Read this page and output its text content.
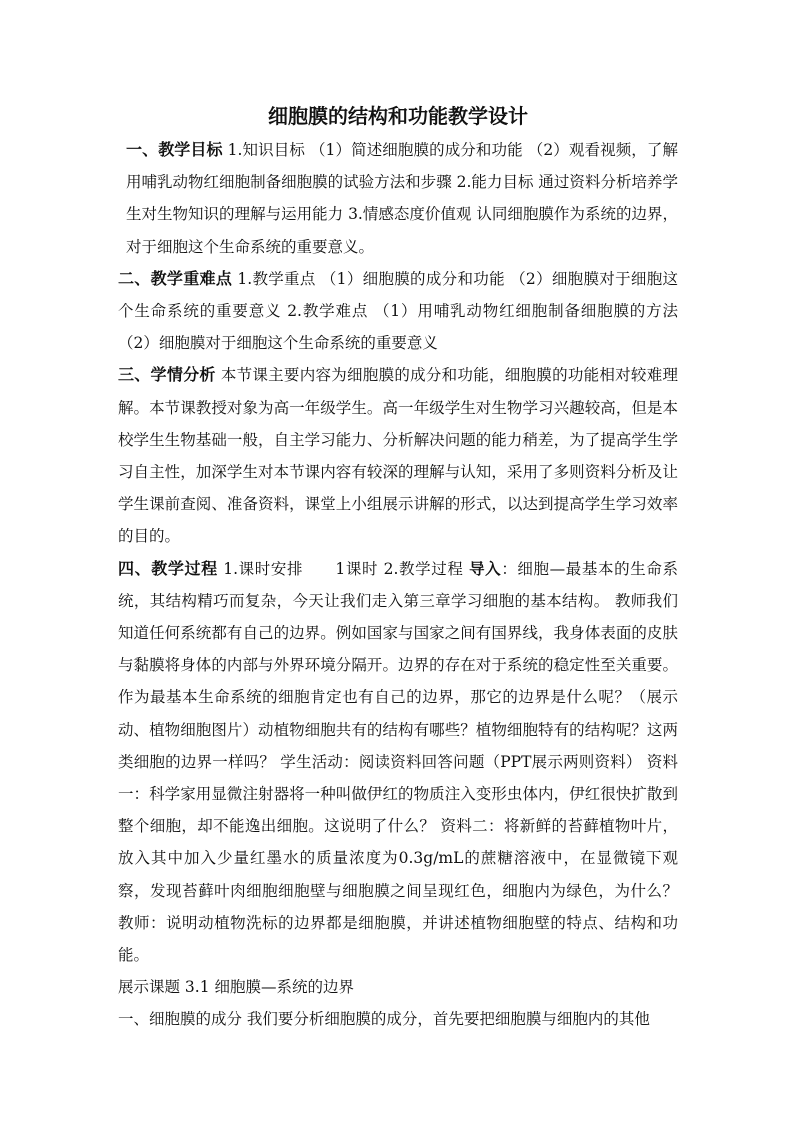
细胞膜的结构和功能教学设计

一、教学目标 1.知识目标 （1）简述细胞膜的成分和功能 （2）观看视频，了解用哺乳动物红细胞制备细胞膜的试验方法和步骤 2.能力目标 通过资料分析培养学生对生物知识的理解与运用能力 3.情感态度价值观 认同细胞膜作为系统的边界，对于细胞这个生命系统的重要意义。

二、教学重难点 1.教学重点 （1）细胞膜的成分和功能 （2）细胞膜对于细胞这个生命系统的重要意义 2.教学难点 （1）用哺乳动物红细胞制备细胞膜的方法 （2）细胞膜对于细胞这个生命系统的重要意义

三、学情分析 本节课主要内容为细胞膜的成分和功能，细胞膜的功能相对较难理解。本节课教授对象为高一年级学生。高一年级学生对生物学习兴趣较高，但是本校学生生物基础一般，自主学习能力、分析解决问题的能力稍差，为了提高学生学习自主性，加深学生对本节课内容有较深的理解与认知，采用了多则资料分析及让学生课前查阅、准备资料，课堂上小组展示讲解的形式，以达到提高学生学习效率的目的。

四、教学过程 1.课时安排　　1课时 2.教学过程 导入：细胞—最基本的生命系统，其结构精巧而复杂，今天让我们走入第三章学习细胞的基本结构。 教师我们知道任何系统都有自己的边界。例如国家与国家之间有国界线，我身体表面的皮肤与黏膜将身体的内部与外界环境分隔开。边界的存在对于系统的稳定性至关重要。作为最基本生命系统的细胞肯定也有自己的边界，那它的边界是什么呢？（展示动、植物细胞图片）动植物细胞共有的结构有哪些？植物细胞特有的结构呢？这两类细胞的边界一样吗？ 学生活动：阅读资料回答问题（PPT展示两则资料） 资料一：科学家用显微注射器将一种叫做伊红的物质注入变形虫体内，伊红很快扩散到整个细胞，却不能逸出细胞。这说明了什么？ 资料二：将新鲜的苔藓植物叶片，放入其中加入少量红墨水的质量浓度为0.3g/mL的蔗糖溶液中，在显微镜下观察，发现苔藓叶肉细胞细胞壁与细胞膜之间呈现红色，细胞内为绿色，为什么？ 教师：说明动植物洗标的边界都是细胞膜，并讲述植物细胞壁的特点、结构和功能。

展示课题 3.1 细胞膜—系统的边界

一、细胞膜的成分 我们要分析细胞膜的成分，首先要把细胞膜与细胞内的其他
